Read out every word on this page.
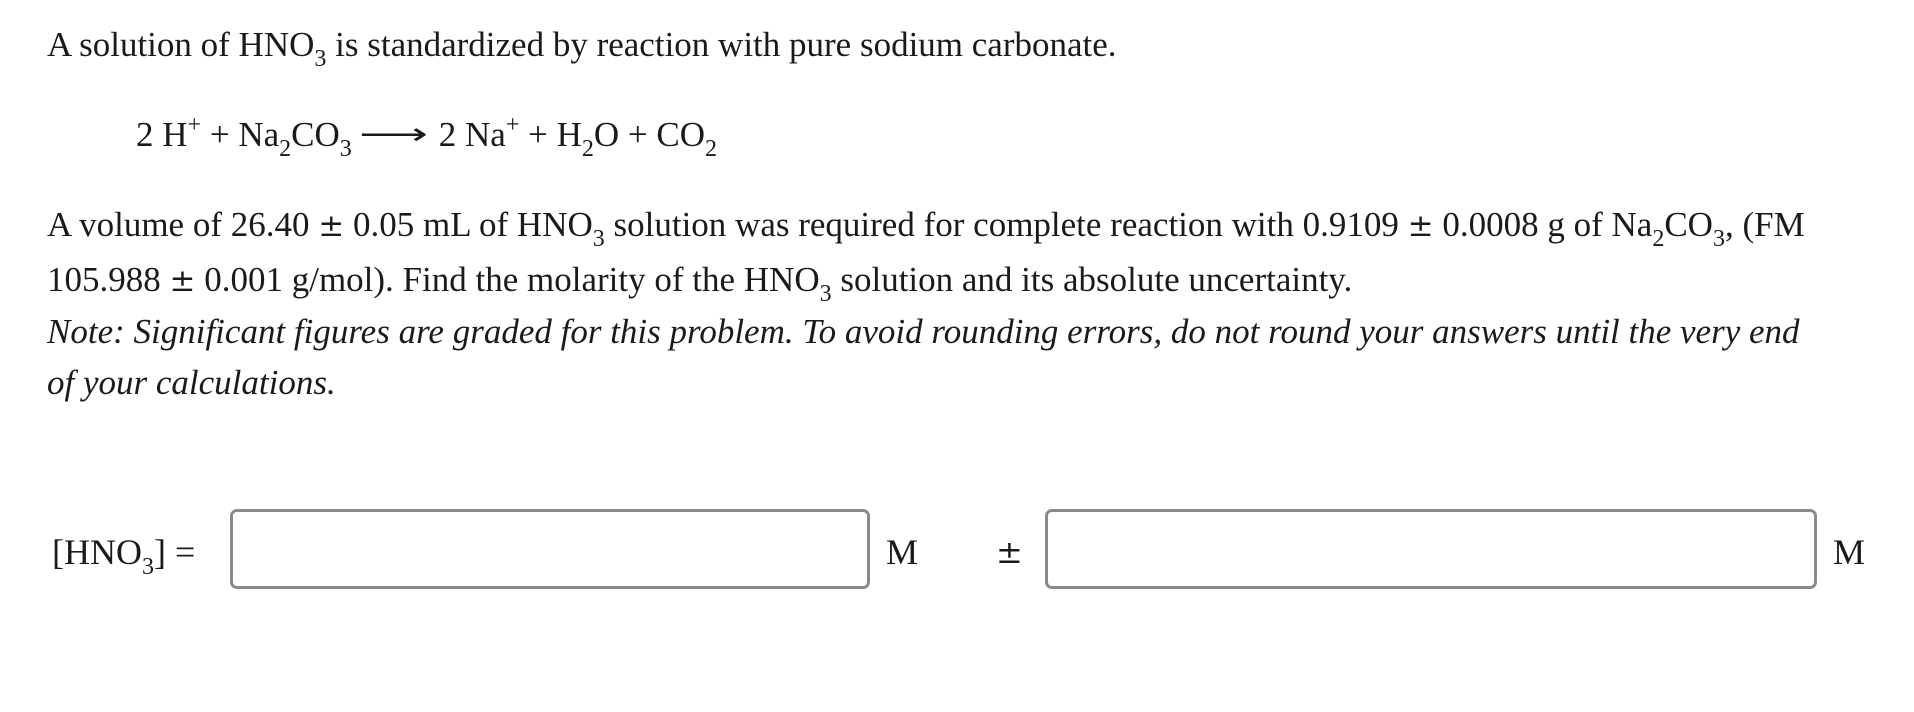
A solution of $HNO_3$ is standardized by reaction with pure sodium carbonate.
2 $H^+ + Na_2CO_3$ ⟶ 2 $Na^+ + H_2O + CO_2$
A volume of 26.40 ± 0.05 mL of $HNO_3$ solution was required for complete reaction with 0.9109 ± 0.0008 g of $Na_2CO_3$, (FM
105.988 ± 0.001 g/mol). Find the molarity of the $HNO_3$ solution and its absolute uncertainty.
Note: Significant figures are graded for this problem. To avoid rounding errors, do not round your answers until the very end
of your calculations.
$[HNO_3]$ =	M ±	M
